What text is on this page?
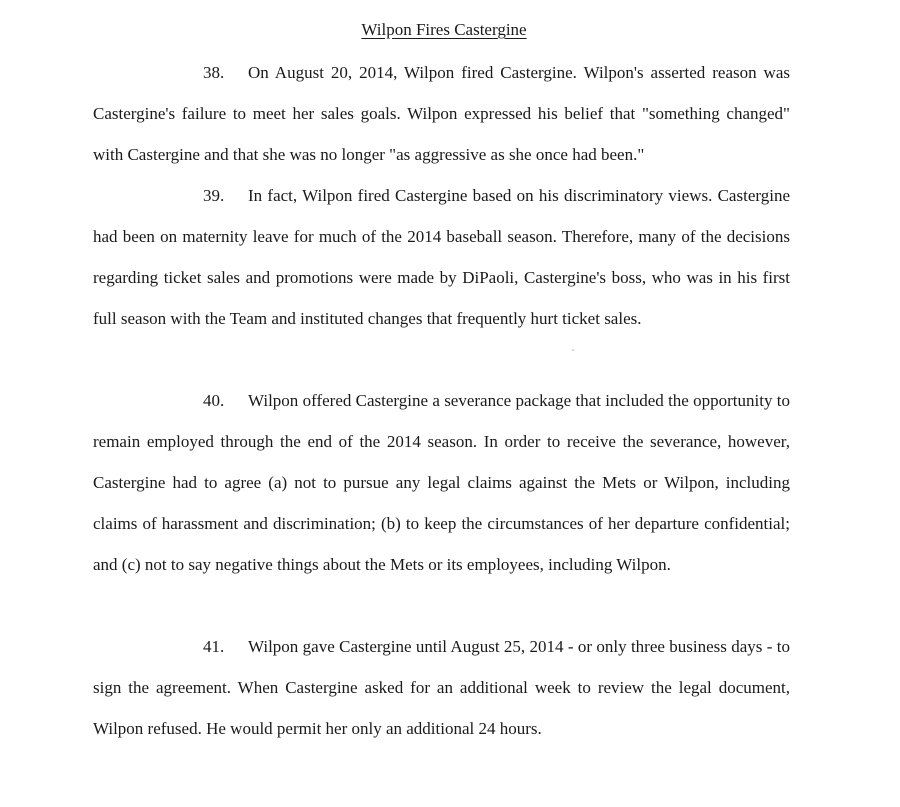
Wilpon Fires Castergine

38. On August 20, 2014, Wilpon fired Castergine. Wilpon's asserted reason was Castergine's failure to meet her sales goals. Wilpon expressed his belief that "something changed" with Castergine and that she was no longer "as aggressive as she once had been."

39. In fact, Wilpon fired Castergine based on his discriminatory views. Castergine had been on maternity leave for much of the 2014 baseball season. Therefore, many of the decisions regarding ticket sales and promotions were made by DiPaoli, Castergine's boss, who was in his first full season with the Team and instituted changes that frequently hurt ticket sales.

40. Wilpon offered Castergine a severance package that included the opportunity to remain employed through the end of the 2014 season. In order to receive the severance, however, Castergine had to agree (a) not to pursue any legal claims against the Mets or Wilpon, including claims of harassment and discrimination; (b) to keep the circumstances of her departure confidential; and (c) not to say negative things about the Mets or its employees, including Wilpon.

41. Wilpon gave Castergine until August 25, 2014 - or only three business days - to sign the agreement. When Castergine asked for an additional week to review the legal document, Wilpon refused. He would permit her only an additional 24 hours.
